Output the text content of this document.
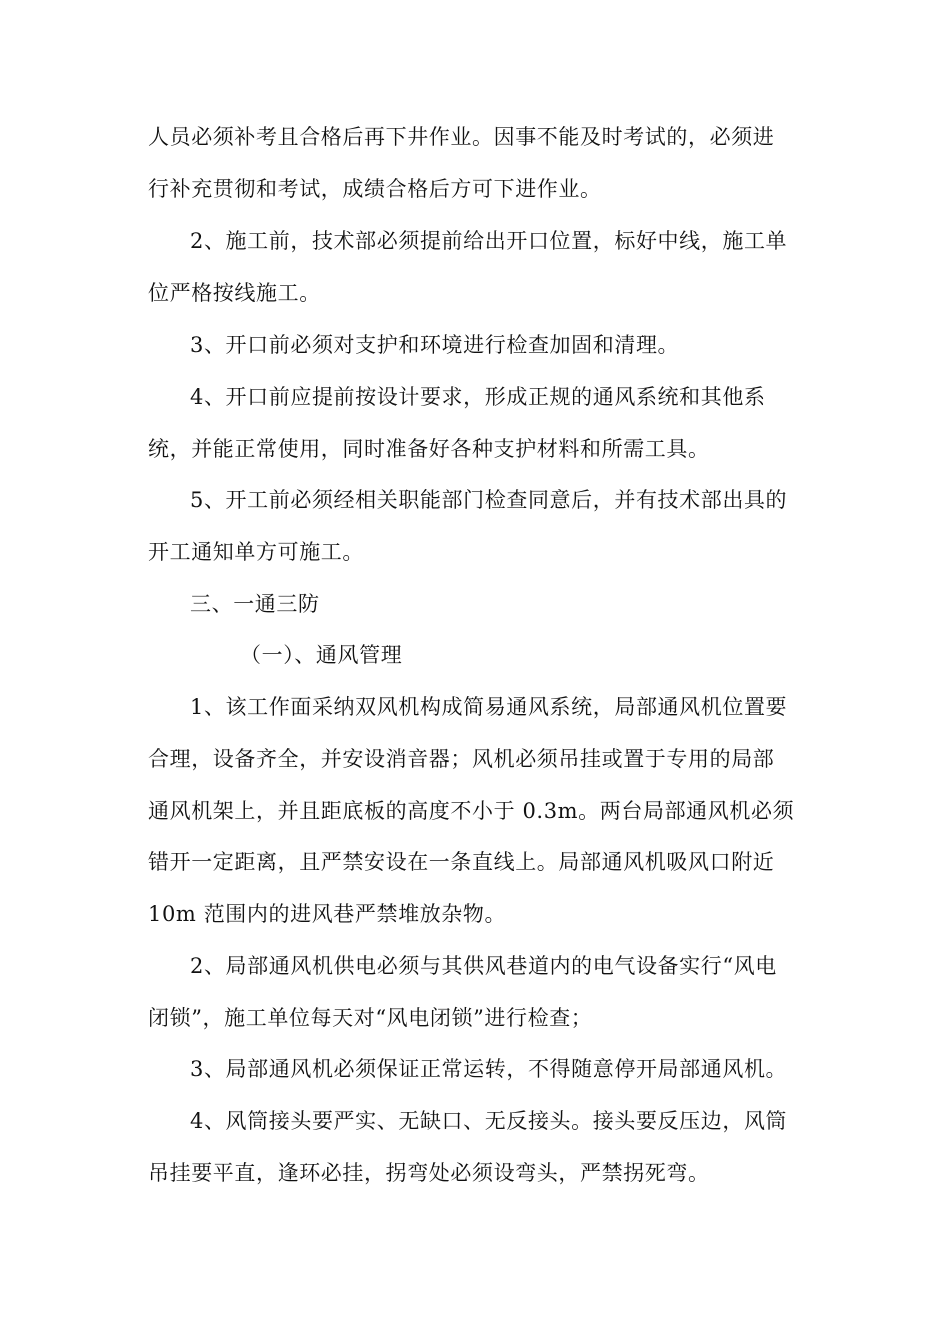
人员必须补考且合格后再下井作业。因事不能及时考试的，必须进
行补充贯彻和考试，成绩合格后方可下进作业。
2、施工前，技术部必须提前给出开口位置，标好中线，施工单
位严格按线施工。
3、开口前必须对支护和环境进行检查加固和清理。
4、开口前应提前按设计要求，形成正规的通风系统和其他系
统，并能正常使用，同时准备好各种支护材料和所需工具。
5、开工前必须经相关职能部门检查同意后，并有技术部出具的
开工通知单方可施工。
三、一通三防
（一）、通风管理
1、该工作面采纳双风机构成简易通风系统，局部通风机位置要
合理，设备齐全，并安设消音器；风机必须吊挂或置于专用的局部
通风机架上，并且距底板的高度不小于 0.3m。两台局部通风机必须
错开一定距离，且严禁安设在一条直线上。局部通风机吸风口附近
10m 范围内的进风巷严禁堆放杂物。
2、局部通风机供电必须与其供风巷道内的电气设备实行“风电
闭锁”，施工单位每天对“风电闭锁”进行检查；
3、局部通风机必须保证正常运转，不得随意停开局部通风机。
4、风筒接头要严实、无缺口、无反接头。接头要反压边，风筒
吊挂要平直，逢环必挂，拐弯处必须设弯头，严禁拐死弯。
